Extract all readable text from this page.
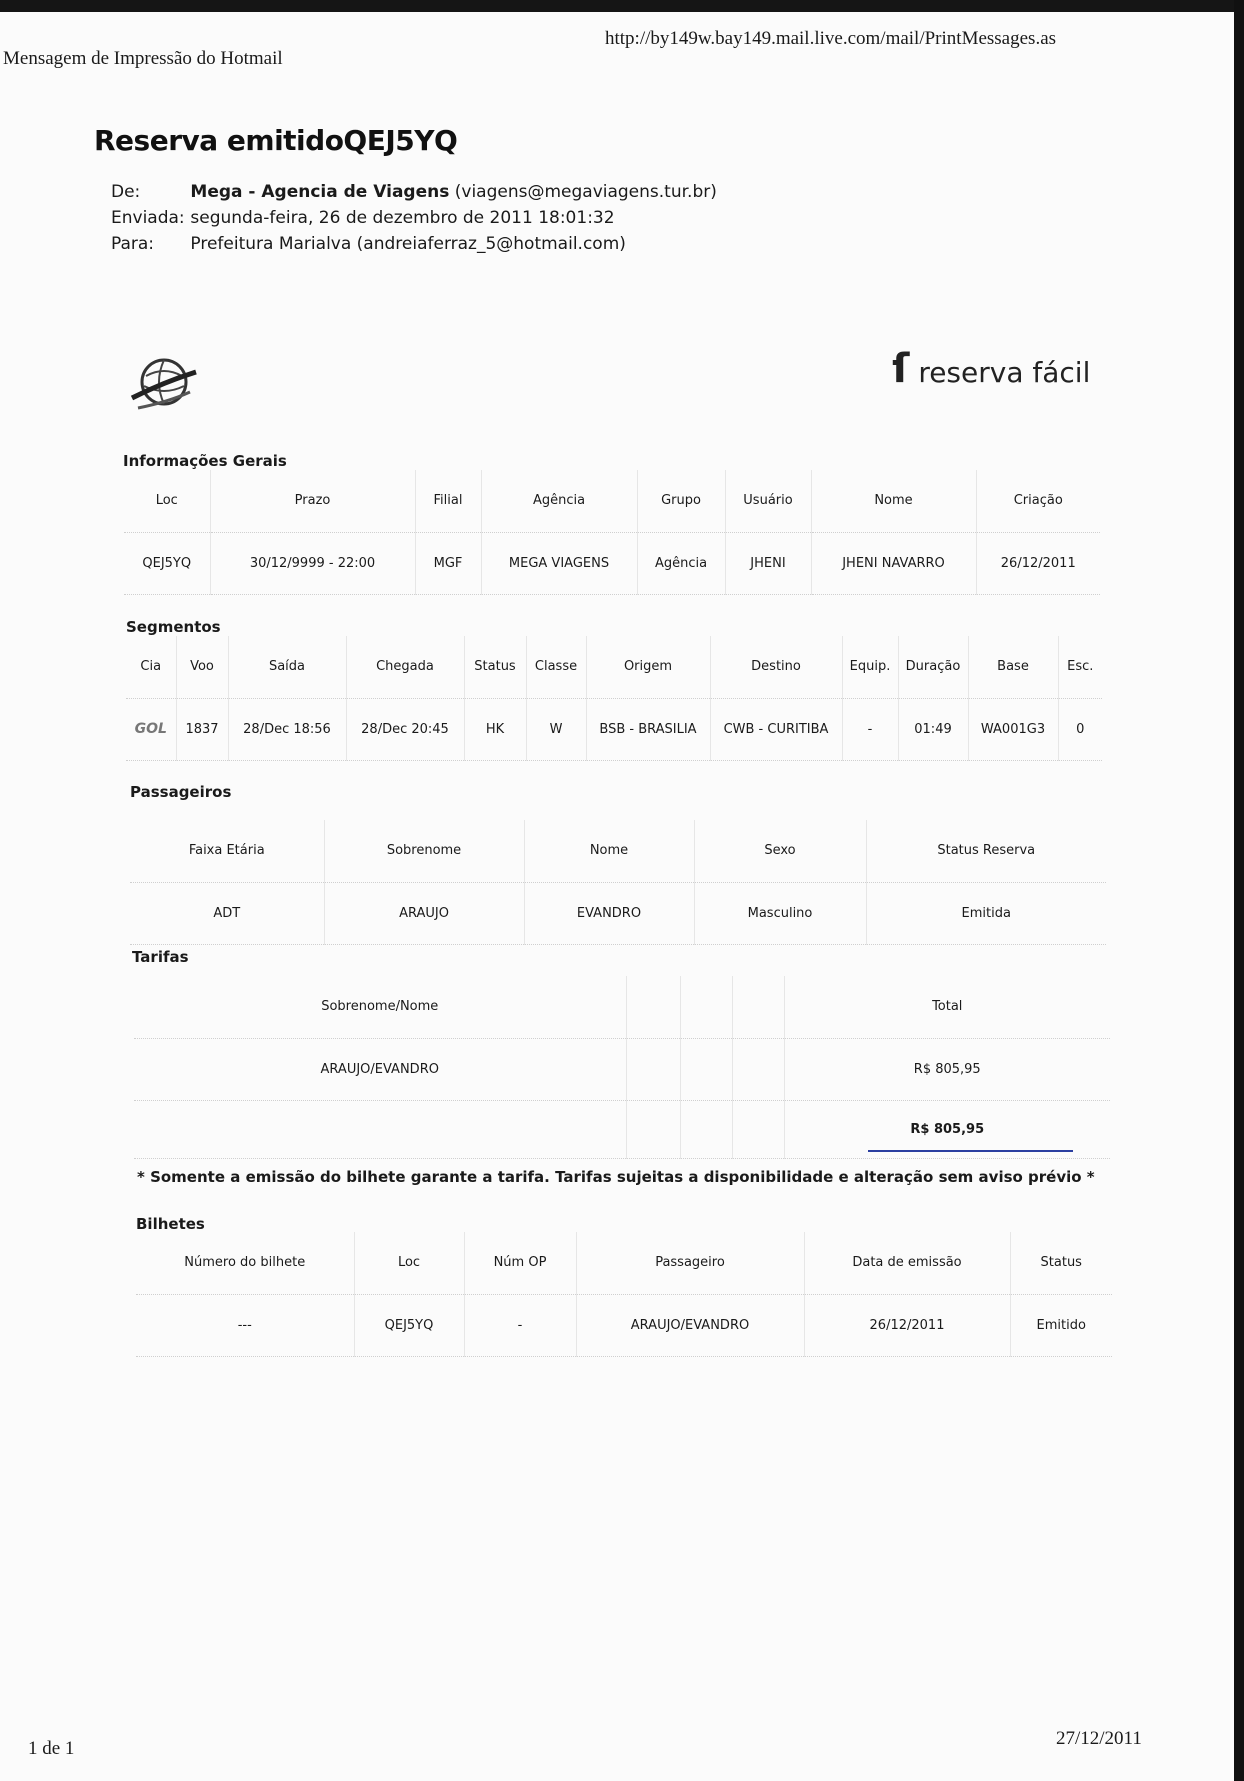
Mensagem de Impressão do Hotmail
http://by149w.bay149.mail.live.com/mail/PrintMessages.as
Reserva emitidoQEJ5YQ
De:	Mega - Agencia de Viagens (viagens@megaviagens.tur.br)
Enviada: segunda-feira, 26 de dezembro de 2011 18:01:32
Para: Prefeitura Marialva (andreiaferraz_5@hotmail.com)
ſ reserva fácil
Informações Gerais
Loc	Prazo	Filial	Agência	Grupo	Usuário	Nome	Criação
QEJ5YQ	30/12/9999 - 22:00	MGF	MEGA VIAGENS	Agência	JHENI	JHENI NAVARRO	26/12/2011
Segmentos
Cia	Voo	Saída	Chegada	Status	Classe	Origem	Destino	Equip.	Duração	Base	Esc.
GOL	1837	28/Dec 18:56	28/Dec 20:45	HK	W	BSB - BRASILIA	CWB - CURITIBA	-	01:49	WA001G3	0
Passageiros
Faixa Etária	Sobrenome	Nome	Sexo	Status Reserva
ADT	ARAUJO	EVANDRO	Masculino	Emitida
Tarifas
Sobrenome/Nome				Total
ARAUJO/EVANDRO				R$ 805,95
				R$ 805,95
* Somente a emissão do bilhete garante a tarifa. Tarifas sujeitas a disponibilidade e alteração sem aviso prévio *
Bilhetes
Número do bilhete	Loc	Núm OP	Passageiro	Data de emissão	Status
---	QEJ5YQ	-	ARAUJO/EVANDRO	26/12/2011	Emitido
1 de 1	27/12/2011
